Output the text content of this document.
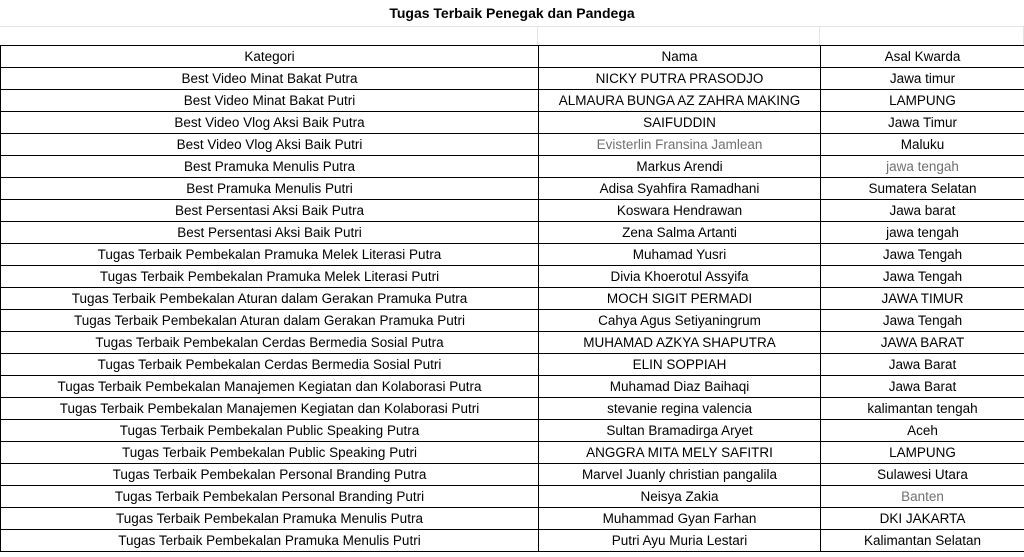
Tugas Terbaik Penegak dan Pandega
Kategori	Nama	Asal Kwarda
Best Video Minat Bakat Putra	NICKY PUTRA PRASODJO	Jawa timur
Best Video Minat Bakat Putri	ALMAURA BUNGA AZ ZAHRA MAKING	LAMPUNG
Best Video Vlog Aksi Baik Putra	SAIFUDDIN	Jawa Timur
Best Video Vlog Aksi Baik Putri	Evisterlin Fransina Jamlean	Maluku
Best Pramuka Menulis Putra	Markus Arendi	jawa tengah
Best Pramuka Menulis Putri	Adisa Syahfira Ramadhani	Sumatera Selatan
Best Persentasi Aksi Baik Putra	Koswara Hendrawan	Jawa barat
Best Persentasi Aksi Baik Putri	Zena Salma Artanti	jawa tengah
Tugas Terbaik Pembekalan Pramuka Melek Literasi Putra	Muhamad Yusri	Jawa Tengah
Tugas Terbaik Pembekalan Pramuka Melek Literasi Putri	Divia Khoerotul Assyifa	Jawa Tengah
Tugas Terbaik Pembekalan Aturan dalam Gerakan Pramuka Putra	MOCH SIGIT PERMADI	JAWA TIMUR
Tugas Terbaik Pembekalan Aturan dalam Gerakan Pramuka Putri	Cahya Agus Setiyaningrum	Jawa Tengah
Tugas Terbaik Pembekalan Cerdas Bermedia Sosial Putra	MUHAMAD AZKYA SHAPUTRA	JAWA BARAT
Tugas Terbaik Pembekalan Cerdas Bermedia Sosial Putri	ELIN SOPPIAH	Jawa Barat
Tugas Terbaik Pembekalan Manajemen Kegiatan dan Kolaborasi Putra	Muhamad Diaz Baihaqi	Jawa Barat
Tugas Terbaik Pembekalan Manajemen Kegiatan dan Kolaborasi Putri	stevanie regina valencia	kalimantan tengah
Tugas Terbaik Pembekalan Public Speaking Putra	Sultan Bramadirga Aryet	Aceh
Tugas Terbaik Pembekalan Public Speaking Putri	ANGGRA MITA MELY SAFITRI	LAMPUNG
Tugas Terbaik Pembekalan Personal Branding Putra	Marvel Juanly christian pangalila	Sulawesi Utara
Tugas Terbaik Pembekalan Personal Branding Putri	Neisya Zakia	Banten
Tugas Terbaik Pembekalan Pramuka Menulis Putra	Muhammad Gyan Farhan	DKI JAKARTA
Tugas Terbaik Pembekalan Pramuka Menulis Putri	Putri Ayu Muria Lestari	Kalimantan Selatan
